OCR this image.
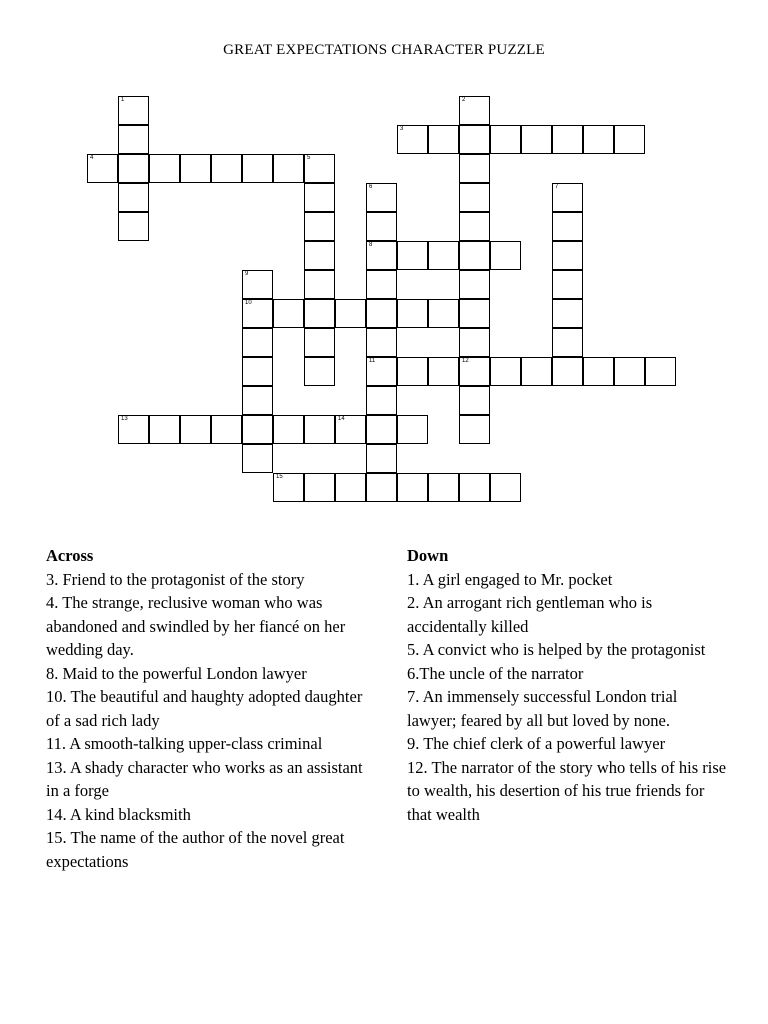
GREAT EXPECTATIONS CHARACTER PUZZLE
1	2
12
3
4	5
6
8
11
7
9
10
13	14
15
Across

3. Friend to the protagonist of the story

4. The strange, reclusive woman who was abandoned and swindled by her fiancé on her wedding day.

8. Maid to the powerful London lawyer

10. The beautiful and haughty adopted daughter of a sad rich lady

11. A smooth-talking upper-class criminal

13. A shady character who works as an assistant in a forge

14. A kind blacksmith

15. The name of the author of the novel great expectations

Down

1. A girl engaged to Mr. pocket

2. An arrogant rich gentleman who is accidentally killed

5. A convict who is helped by the protagonist

6.The uncle of the narrator

7. An immensely successful London trial lawyer; feared by all but loved by none.

9. The chief clerk of a powerful lawyer

12. The narrator of the story who tells of his rise to wealth, his desertion of his true friends for that wealth
